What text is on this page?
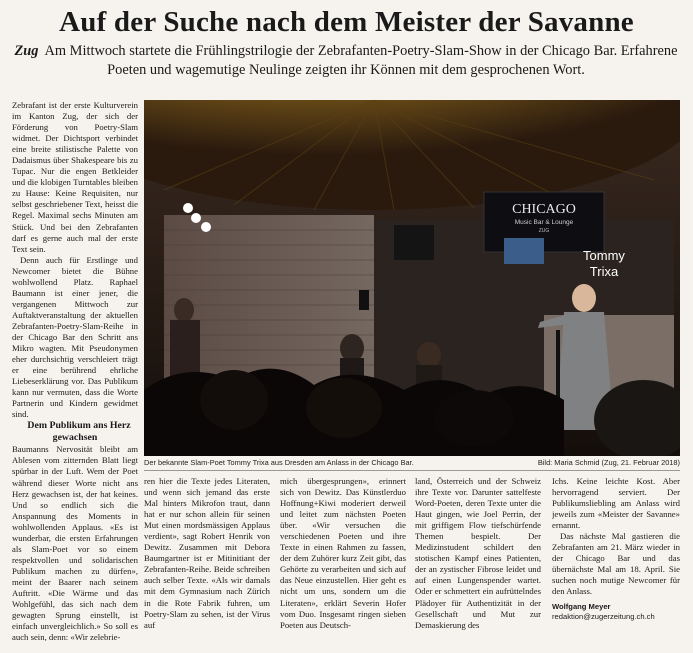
Auf der Suche nach dem Meister der Savanne
Zug Am Mittwoch startete die Frühlingstrilogie der Zebrafanten-Poetry-Slam-Show in der Chicago Bar. Erfahrene Poeten und wagemutige Neulinge zeigten ihr Können mit dem gesprochenen Wort.

Zebrafant ist der erste Kulturverein im Kanton Zug, der sich der Förderung von Poetry-Slam widmet. Der Dichtsport verbindet eine breite stilistische Palette von Dadaismus über Shakespeare bis zu Tupac. Nur die engen Betkleider und die klobigen Turntables bleiben zu Hause: Keine Requisiten, nur selbst geschriebener Text, heisst die Regel. Maximal sechs Minuten am Stück. Und bei den Zebrafanten darf es gerne auch mal der erste Text sein.

Denn auch für Erstlinge und Newcomer bietet die Bühne wohlwollend Platz. Raphael Baumann ist einer jener, die vergangenen Mittwoch zur Auftaktveranstaltung der aktuellen Zebrafanten-Poetry-Slam-Reihe in der Chicago Bar den Schritt ans Mikro wagten. Mit Pseudonymen eher durchsichtig verschleiert trägt er eine berührend ehrliche Liebeserklärung vor. Das Publikum kann nur vermuten, dass die Worte Partnerin und Kindern gewidmet sind.

Dem Publikum ans Herz gewachsen

Baumanns Nervosität bleibt am Ablesen vom zitternden Blatt liegt spürbar in der Luft. Wem der Poet während dieser Worte nicht ans Herz gewachsen ist, der hat keines. Und so endlich sich die Anspannung des Moments in wohlwollenden Applaus. «Es ist wunderbar, die ersten Erfahrungen als Slam-Poet vor so einem respektvollen und solidarischen Publikum machen zu dürfen», meint der Baarer nach seinem Auftritt. «Die Wärme und das Wohlgefühl, das sich nach dem gewagten Sprung einstellt, ist einfach unvergleichlich.» So soll es auch sein, denn: «Wir zelebrie-

CHICAGO
Music Bar & Lounge
ZUG
Tommy
Trixa
Der bekannte Slam-Poet Tommy Trixa aus Dresden am Anlass in der Chicago Bar.	Bild: Maria Schmid (Zug, 21. Februar 2018)

ren hier die Texte jedes Literaten, und wenn sich jemand das erste Mal hinters Mikrofon traut, dann hat er nur schon allein für seinen Mut einen mordsmässigen Applaus verdient», sagt Robert Henrik von Dewitz. Zusammen mit Debora Baumgartner ist er Mitinitiant der Zebrafanten-Reihe. Beide schreiben auch selber Texte. «Als wir damals mit dem Gymnasium nach Zürich in die Rote Fabrik fuhren, um Poetry-Slam zu sehen, ist der Virus auf

mich übergesprungen», erinnert sich von Dewitz. Das Künstlerduo Hoffnung+Kiwi moderiert derweil und leitet zum nächsten Poeten über. «Wir versuchen die verschiedenen Poeten und ihre Texte in einen Rahmen zu fassen, der dem Zuhörer kurz Zeit gibt, das Gehörte zu verarbeiten und sich auf das Neue einzustellen. Hier geht es nicht um uns, sondern um die Literaten», erklärt Severin Hofer vom Duo. Insgesamt ringen sieben Poeten aus Deutsch-

land, Österreich und der Schweiz ihre Texte vor. Darunter sattelfeste Word-Poeten, deren Texte unter die Haut gingen, wie Joel Perrin, der mit griffigem Flow tiefschürfende Themen bespielt. Der Medizinstudent schildert den stotischen Kampf eines Patienten, der an zystischer Fibrose leidet und auf einen Lungenspender wartet. Oder er schmettert ein aufrüttelndes Plädoyer für Authentizität in der Gesellschaft und Mut zur Demaskierung des

Ichs. Keine leichte Kost. Aber hervorragend serviert. Der Publikumsliebling am Anlass wird jeweils zum «Meister der Savanne» ernannt.

Das nächste Mal gastieren die Zebrafanten am 21. März wieder in der Chicago Bar und das übernächste Mal am 18. April. Sie suchen noch mutige Newcomer für den Anlass.

Wolfgang Meyer
redaktion@zugerzeitung.ch.ch
